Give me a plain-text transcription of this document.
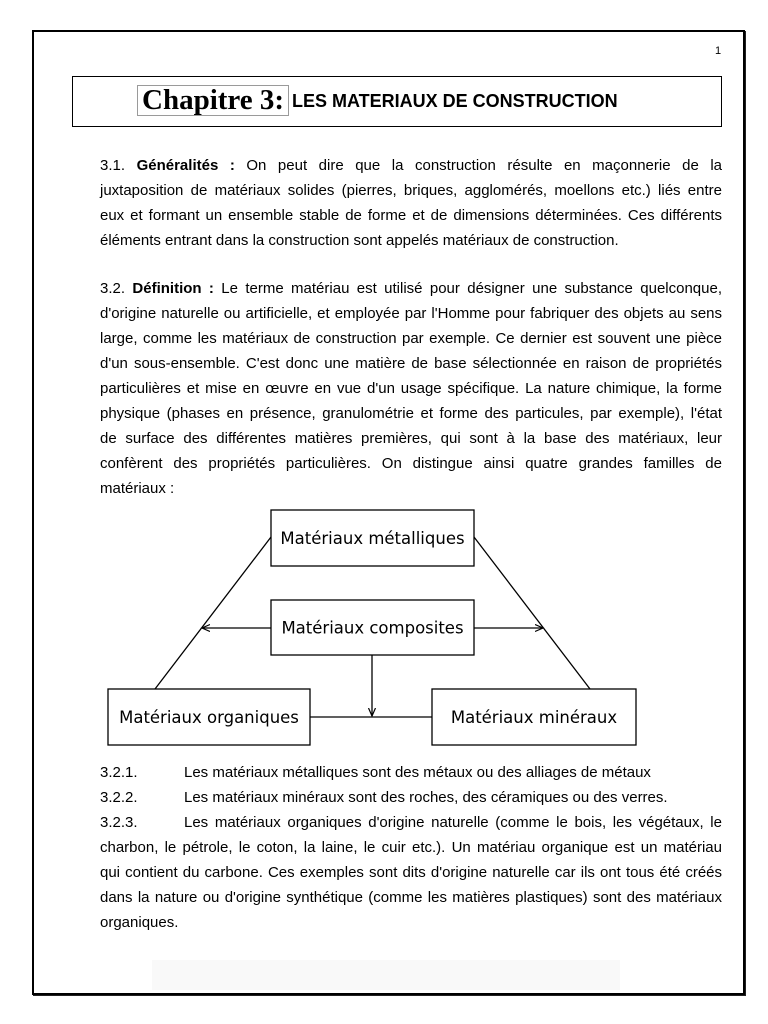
1
Chapitre 3: LES MATERIAUX DE CONSTRUCTION
3.1. Généralités : On peut dire que la construction résulte en maçonnerie de la
juxtaposition de matériaux solides (pierres, briques, agglomérés, moellons etc.) liés entre
eux et formant un ensemble stable de forme et de dimensions déterminées. Ces différents
éléments entrant dans la construction sont appelés matériaux de construction.
3.2. Définition : Le terme matériau est utilisé pour désigner une substance quelconque,
d'origine naturelle ou artificielle, et employée par l'Homme pour fabriquer des objets au sens
large, comme les matériaux de construction par exemple. Ce dernier est souvent une pièce
d'un sous-ensemble. C'est donc une matière de base sélectionnée en raison de propriétés
particulières et mise en œuvre en vue d'un usage spécifique. La nature chimique, la forme
physique (phases en présence, granulométrie et forme des particules, par exemple), l'état
de surface des différentes matières premières, qui sont à la base des matériaux, leur
confèrent des propriétés particulières. On distingue ainsi quatre grandes familles de
matériaux :
Matériaux métalliques
Matériaux composites
Matériaux organiques	Matériaux minéraux
3.2.1.	Les matériaux métalliques sont des métaux ou des alliages de métaux
3.2.2.	Les matériaux minéraux sont des roches, des céramiques ou des verres.
3.2.3.	Les matériaux organiques d'origine naturelle (comme le bois, les végétaux, le
charbon, le pétrole, le coton, la laine, le cuir etc.). Un matériau organique est un matériau
qui contient du carbone. Ces exemples sont dits d'origine naturelle car ils ont tous été créés
dans la nature ou d'origine synthétique (comme les matières plastiques) sont des matériaux
organiques.
